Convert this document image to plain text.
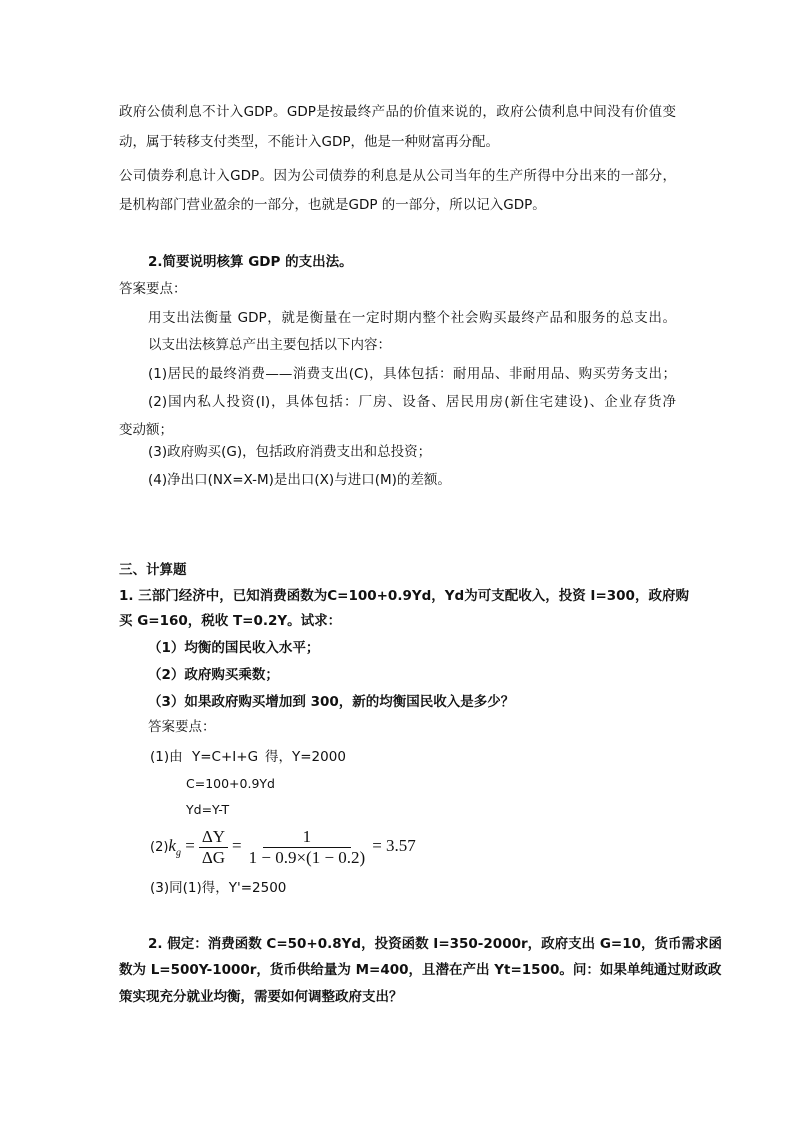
政府公债利息不计入GDP。GDP是按最终产品的价值来说的，政府公债利息中间没有价值变
动，属于转移支付类型，不能计入GDP，他是一种财富再分配。
公司债券利息计入GDP。因为公司债券的利息是从公司当年的生产所得中分出来的一部分，
是机构部门营业盈余的一部分，也就是GDP 的一部分，所以记入GDP。
2.简要说明核算 GDP 的支出法。
答案要点：
用支出法衡量 GDP，就是衡量在一定时期内整个社会购买最终产品和服务的总支出。
以支出法核算总产出主要包括以下内容：
(1)居民的最终消费——消费支出(C)，具体包括：耐用品、非耐用品、购买劳务支出；
(2)国内私人投资(I)，具体包括：厂房、设备、居民用房(新住宅建设)、企业存货净
变动额；
(3)政府购买(G)，包括政府消费支出和总投资；
(4)净出口(NX=X-M)是出口(X)与进口(M)的差额。
三、计算题
1. 三部门经济中，已知消费函数为C=100+0.9Yd，Yd为可支配收入，投资 I=300，政府购
买 G=160，税收 T=0.2Y。试求：
（1）均衡的国民收入水平；
（2）政府购买乘数；
（3）如果政府购买增加到 300，新的均衡国民收入是多少？
答案要点：
(1)由 Y=C+I+G 得，Y=2000
C=100+0.9Yd
Yd=Y-T
$(2)k_g = \frac{\Delta Y}{\Delta G} = \frac{1}{1 - 0.9\times(1 - 0.2)} = 3.57$
(3)同(1)得，Y'=2500
2. 假定：消费函数 C=50+0.8Yd，投资函数 I=350-2000r，政府支出 G=10，货币需求函
数为 L=500Y-1000r，货币供给量为 M=400，且潜在产出 Yt=1500。问：如果单纯通过财政政
策实现充分就业均衡，需要如何调整政府支出？
